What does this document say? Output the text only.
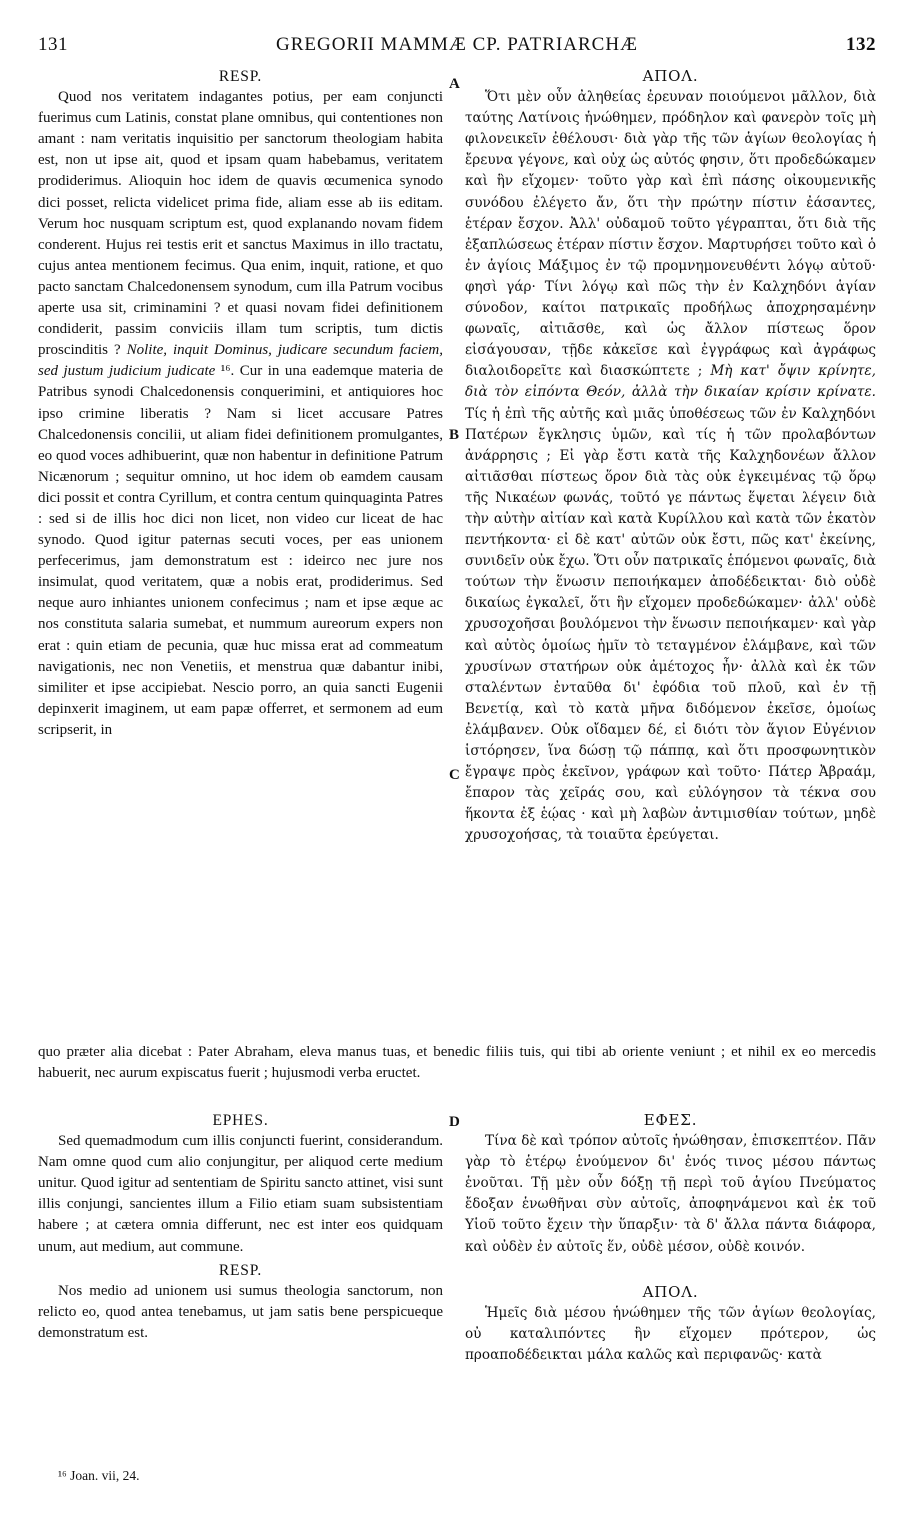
131	GREGORII MAMMÆ CP. PATRIARCHÆ	132
A
B
C
D
RESP.

Quod nos veritatem indagantes potius, per eam conjuncti fuerimus cum Latinis, constat plane omnibus, qui contentiones non amant : nam veritatis inquisitio per sanctorum theologiam habita est, non ut ipse ait, quod et ipsam quam habebamus, veritatem prodiderimus. Alioquin hoc idem de quavis œcumenica synodo dici posset, relicta videlicet prima fide, aliam esse ab iis editam. Verum hoc nusquam scriptum est, quod explanando novam fidem conderent. Hujus rei testis erit et sanctus Maximus in illo tractatu, cujus antea mentionem fecimus. Qua enim, inquit, ratione, et quo pacto sanctam Chalcedonensem synodum, cum illa Patrum vocibus aperte usa sit, criminamini ? et quasi novam fidei definitionem condiderit, passim conviciis illam tum scriptis, tum dictis proscinditis ? Nolite, inquit Dominus, judicare secundum faciem, sed justum judicium judicate ¹⁶. Cur in una eademque materia de Patribus synodi Chalcedonensis conquerimini, et antiquiores hoc ipso crimine liberatis ? Nam si licet accusare Patres Chalcedonensis concilii, ut aliam fidei definitionem promulgantes, eo quod voces adhibuerint, quæ non habentur in definitione Patrum Nicænorum ; sequitur omnino, ut hoc idem ob eamdem causam dici possit et contra Cyrillum, et contra centum quinquaginta Patres : sed si de illis hoc dici non licet, non video cur liceat de hac synodo. Quod igitur paternas secuti voces, per eas unionem perfecerimus, jam demonstratum est : ideirco nec jure nos insimulat, quod veritatem, quæ a nobis erat, prodiderimus. Sed neque auro inhiantes unionem confecimus ; nam et ipse æque ac nos constituta salaria sumebat, et nummum aureorum expers non erat : quin etiam de pecunia, quæ huc missa erat ad commeatum navigationis, nec non Venetiis, et menstrua quæ dabantur inibi, similiter et ipse accipiebat. Nescio porro, an quia sancti Eugenii depinxerit imaginem, ut eam papæ offerret, et sermonem ad eum scripserit, in

ΑΠΟΛ.

Ὅτι μὲν οὖν ἀληθείας ἐρευναν ποιούμενοι μᾶλλον, διὰ ταύτης Λατίνοις ἡνώθημεν, πρόδηλον καὶ φανερὸν τοῖς μὴ φιλονεικεῖν ἐθέλουσι· διὰ γὰρ τῆς τῶν ἁγίων θεολογίας ἡ ἔρευνα γέγονε, καὶ οὐχ ὡς αὐτός φησιν, ὅτι προδεδώκαμεν καὶ ἣν εἴχομεν· τοῦτο γὰρ καὶ ἐπὶ πάσης οἰκουμενικῆς συνόδου ἐλέγετο ἄν, ὅτι τὴν πρώτην πίστιν ἐάσαντες, ἑτέραν ἔσχον. Ἀλλ' οὐδαμοῦ τοῦτο γέγραπται, ὅτι διὰ τῆς ἐξαπλώσεως ἑτέραν πίστιν ἔσχον. Μαρτυρήσει τοῦτο καὶ ὁ ἐν ἁγίοις Μάξιμος ἐν τῷ προμνημονευθέντι λόγῳ αὐτοῦ· φησὶ γάρ· Τίνι λόγῳ καὶ πῶς τὴν ἐν Καλχηδόνι ἁγίαν σύνοδον, καίτοι πατρικαῖς προδήλως ἀποχρησαμένην φωναῖς, αἰτιᾶσθε, καὶ ὡς ἄλλον πίστεως ὅρον εἰσάγουσαν, τῇδε κἀκεῖσε καὶ ἐγγράφως καὶ ἀγράφως διαλοιδορεῖτε καὶ διασκώπτετε ; Μὴ κατ' ὄψιν κρίνητε, διὰ τὸν εἰπόντα Θεόν, ἀλλὰ τὴν δικαίαν κρίσιν κρίνατε. Τίς ἡ ἐπὶ τῆς αὐτῆς καὶ μιᾶς ὑποθέσεως τῶν ἐν Καλχηδόνι Πατέρων ἔγκλησις ὑμῶν, καὶ τίς ἡ τῶν προλαβόντων ἀνάρρησις ; Εἰ γὰρ ἔστι κατὰ τῆς Καλχηδονέων ἄλλον αἰτιᾶσθαι πίστεως ὅρον διὰ τὰς οὐκ ἐγκειμένας τῷ ὅρῳ τῆς Νικαέων φωνάς, τοῦτό γε πάντως ἕψεται λέγειν διὰ τὴν αὐτὴν αἰτίαν καὶ κατὰ Κυρίλλου καὶ κατὰ τῶν ἑκατὸν πεντήκοντα· εἰ δὲ κατ' αὐτῶν οὐκ ἔστι, πῶς κατ' ἐκείνης, συνιδεῖν οὐκ ἔχω. Ὅτι οὖν πατρικαῖς ἑπόμενοι φωναῖς, διὰ τούτων τὴν ἕνωσιν πεποιήκαμεν ἀποδέδεικται· διὸ οὐδὲ δικαίως ἐγκαλεῖ, ὅτι ἣν εἴχομεν προδεδώκαμεν· ἀλλ' οὐδὲ χρυσοχοῆσαι βουλόμενοι τὴν ἕνωσιν πεποιήκαμεν· καὶ γὰρ καὶ αὐτὸς ὁμοίως ἡμῖν τὸ τεταγμένον ἐλάμβανε, καὶ τῶν χρυσίνων στατήρων οὐκ ἀμέτοχος ἦν· ἀλλὰ καὶ ἐκ τῶν σταλέντων ἐνταῦθα δι' ἐφόδια τοῦ πλοῦ, καὶ ἐν τῇ Βενετίᾳ, καὶ τὸ κατὰ μῆνα διδόμενον ἐκεῖσε, ὁμοίως ἐλάμβανεν. Οὐκ οἴδαμεν δέ, εἰ διότι τὸν ἅγιον Εὐγένιον ἱστόρησεν, ἵνα δώσῃ τῷ πάππᾳ, καὶ ὅτι προσφωνητικὸν ἔγραψε πρὸς ἐκεῖνον, γράφων καὶ τοῦτο· Πάτερ Ἀβραάμ, ἔπαρον τὰς χεῖράς σου, καὶ εὐλόγησον τὰ τέκνα σου ἥκοντα ἐξ ἑῴας · καὶ μὴ λαβὼν ἀντιμισθίαν τούτων, μηδὲ χρυσοχοήσας, τὰ τοιαῦτα ἐρεύγεται.

quo præter alia dicebat : Pater Abraham, eleva manus tuas, et benedic filiis tuis, qui tibi ab oriente veniunt ; et nihil ex eo mercedis habuerit, nec aurum expiscatus fuerit ; hujusmodi verba eructet.

EPHES.

Sed quemadmodum cum illis conjuncti fuerint, considerandum. Nam omne quod cum alio conjungitur, per aliquod certe medium unitur. Quod igitur ad sententiam de Spiritu sancto attinet, visi sunt illis conjungi, sancientes illum a Filio etiam suam subsistentiam habere ; at cætera omnia differunt, nec est inter eos quidquam unum, aut medium, aut commune.

RESP.

Nos medio ad unionem usi sumus theologia sanctorum, non relicto eo, quod antea tenebamus, ut jam satis bene perspicueque demonstratum est.

ΕΦΕΣ.

Τίνα δὲ καὶ τρόπον αὐτοῖς ἡνώθησαν, ἐπισκεπτέον. Πᾶν γὰρ τὸ ἑτέρῳ ἑνούμενον δι' ἑνός τινος μέσου πάντως ἑνοῦται. Τῇ μὲν οὖν δόξῃ τῇ περὶ τοῦ ἁγίου Πνεύματος ἔδοξαν ἑνωθῆναι σὺν αὐτοῖς, ἀποφηνάμενοι καὶ ἐκ τοῦ Υἱοῦ τοῦτο ἔχειν τὴν ὕπαρξιν· τὰ δ' ἄλλα πάντα διάφορα, καὶ οὐδὲν ἐν αὐτοῖς ἕν, οὐδὲ μέσον, οὐδὲ κοινόν.

ΑΠΟΛ.

Ἡμεῖς διὰ μέσου ἡνώθημεν τῆς τῶν ἁγίων θεολογίας, οὐ καταλιπόντες ἣν εἴχομεν πρότερον, ὡς προαποδέδεικται μάλα καλῶς καὶ περιφανῶς· κατὰ

¹⁶ Joan. vii, 24.
